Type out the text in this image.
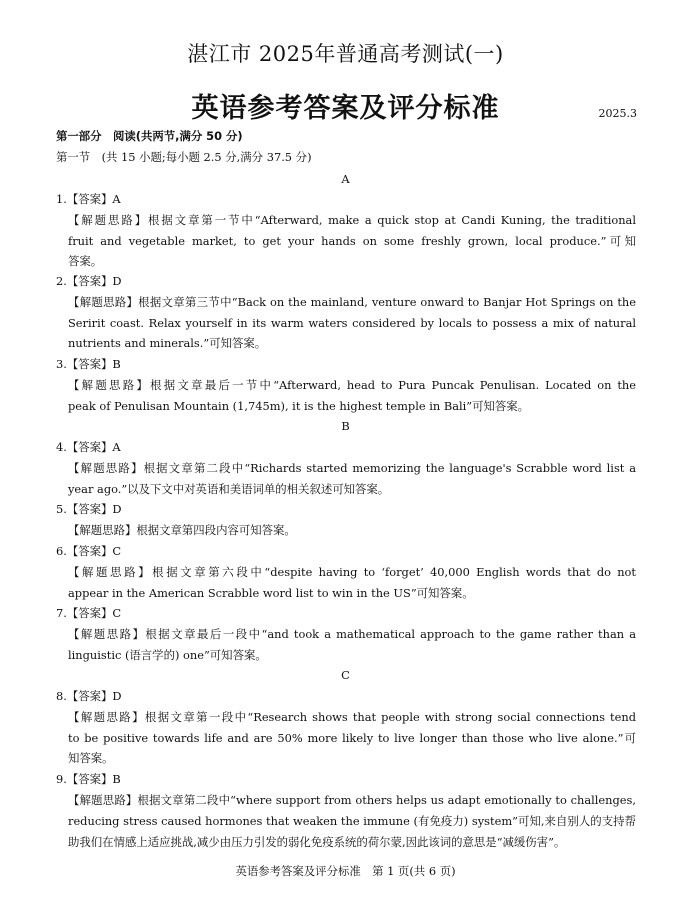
湛江市 2025年普通高考测试(一)
英语参考答案及评分标准	2025.3
第一部分　阅读(共两节,满分 50 分)
第一节　(共 15 小题;每小题 2.5 分,满分 37.5 分)
A
1.【答案】A
【解题思路】根据文章第一节中“Afterward, make a quick stop at Candi Kuning, the traditional
fruit and vegetable market, to get your hands on some freshly grown, local produce.”可知
答案。
2.【答案】D
【解题思路】根据文章第三节中“Back on the mainland, venture onward to Banjar Hot Springs on the
Seririt coast. Relax yourself in its warm waters considered by locals to possess a mix of natural
nutrients and minerals.”可知答案。
3.【答案】B
【解题思路】根据文章最后一节中“Afterward, head to Pura Puncak Penulisan. Located on the
peak of Penulisan Mountain (1,745m), it is the highest temple in Bali”可知答案。
B
4.【答案】A
【解题思路】根据文章第二段中“Richards started memorizing the language's Scrabble word list a
year ago.”以及下文中对英语和美语词单的相关叙述可知答案。
5.【答案】D
【解题思路】根据文章第四段内容可知答案。
6.【答案】C
【解题思路】根据文章第六段中“despite having to ‘forget’ 40,000 English words that do not
appear in the American Scrabble word list to win in the US”可知答案。
7.【答案】C
【解题思路】根据文章最后一段中“and took a mathematical approach to the game rather than a
linguistic (语言学的) one”可知答案。
C
8.【答案】D
【解题思路】根据文章第一段中“Research shows that people with strong social connections tend
to be positive towards life and are 50% more likely to live longer than those who live alone.”可
知答案。
9.【答案】B
【解题思路】根据文章第二段中“where support from others helps us adapt emotionally to challenges,
reducing stress caused hormones that weaken the immune (有免疫力) system”可知,来自别人的支持帮
助我们在情感上适应挑战,减少由压力引发的弱化免疫系统的荷尔蒙,因此该词的意思是“减缓伤害”。
英语参考答案及评分标准　第 1 页(共 6 页)
